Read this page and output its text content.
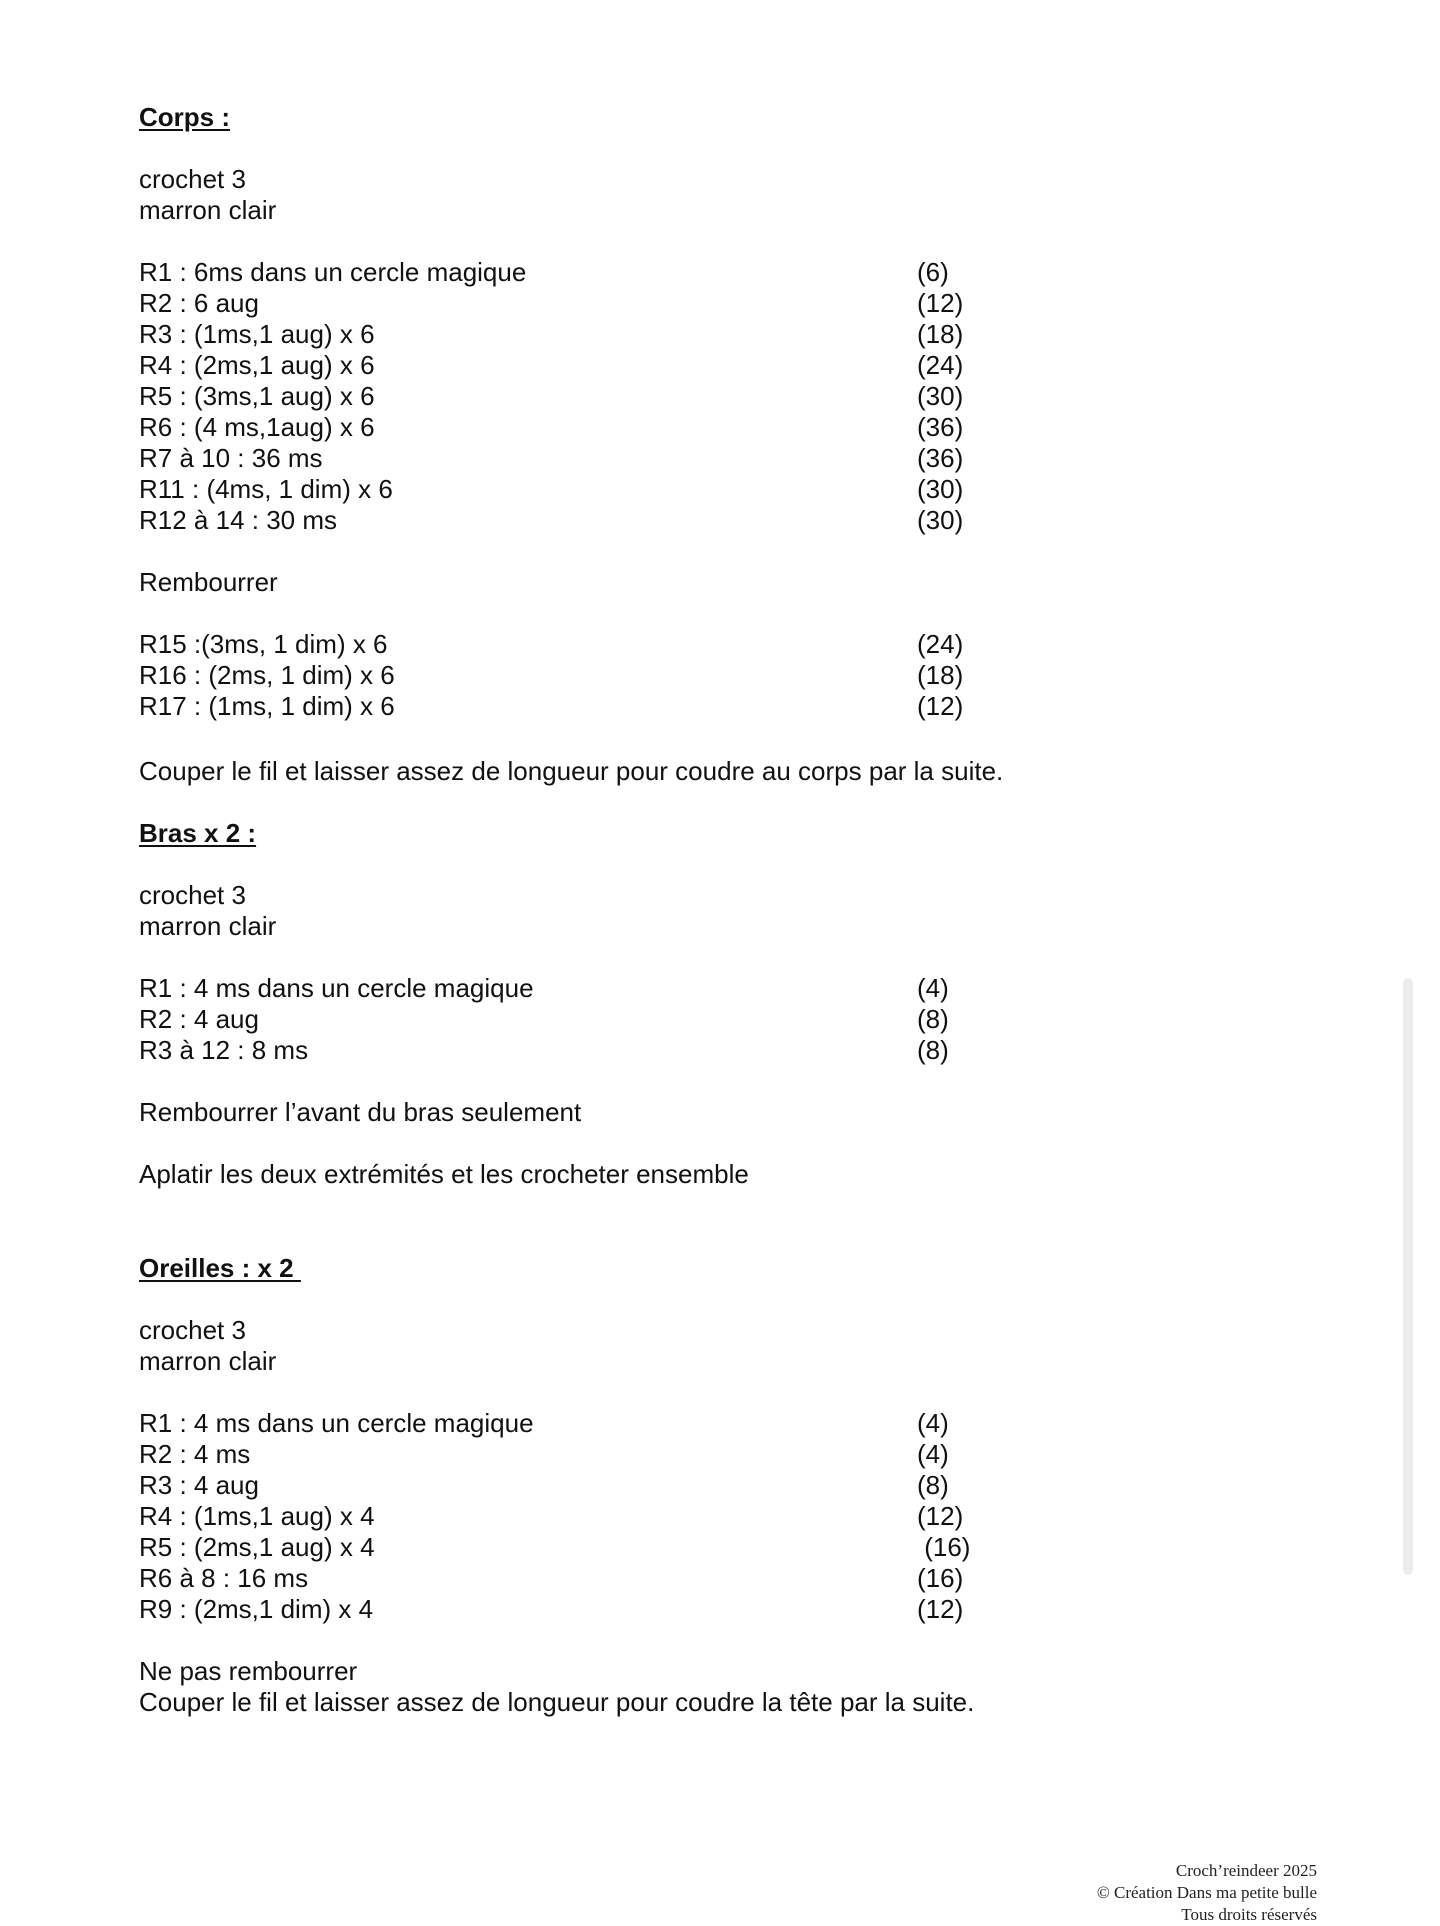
Corps :
crochet 3
marron clair
R1 : 6ms dans un cercle magique	(6)
R2 : 6 aug	(12)
R3 : (1ms,1 aug) x 6	(18)
R4 : (2ms,1 aug) x 6	(24)
R5 : (3ms,1 aug) x 6	(30)
R6 : (4 ms,1aug) x 6	(36)
R7 à 10 : 36 ms	(36)
R11 : (4ms, 1 dim) x 6	(30)
R12 à 14 : 30 ms	(30)
Rembourrer
R15 :(3ms, 1 dim) x 6	(24)
R16 : (2ms, 1 dim) x 6	(18)
R17 : (1ms, 1 dim) x 6	(12)
Couper le fil et laisser assez de longueur pour coudre au corps par la suite.
Bras x 2 :
crochet 3
marron clair
R1 : 4 ms dans un cercle magique	(4)
R2 : 4 aug	(8)
R3 à 12 : 8 ms	(8)
Rembourrer l’avant du bras seulement
Aplatir les deux extrémités et les crocheter ensemble
Oreilles : x 2
crochet 3
marron clair
R1 : 4 ms dans un cercle magique	(4)
R2 : 4 ms	(4)
R3 : 4 aug	(8)
R4 : (1ms,1 aug) x 4	(12)
R5 : (2ms,1 aug) x 4	(16)
R6 à 8 : 16 ms	(16)
R9 : (2ms,1 dim) x 4	(12)
Ne pas rembourrer
Couper le fil et laisser assez de longueur pour coudre la tête par la suite.
Croch’reindeer 2025
© Création Dans ma petite bulle
Tous droits réservés
